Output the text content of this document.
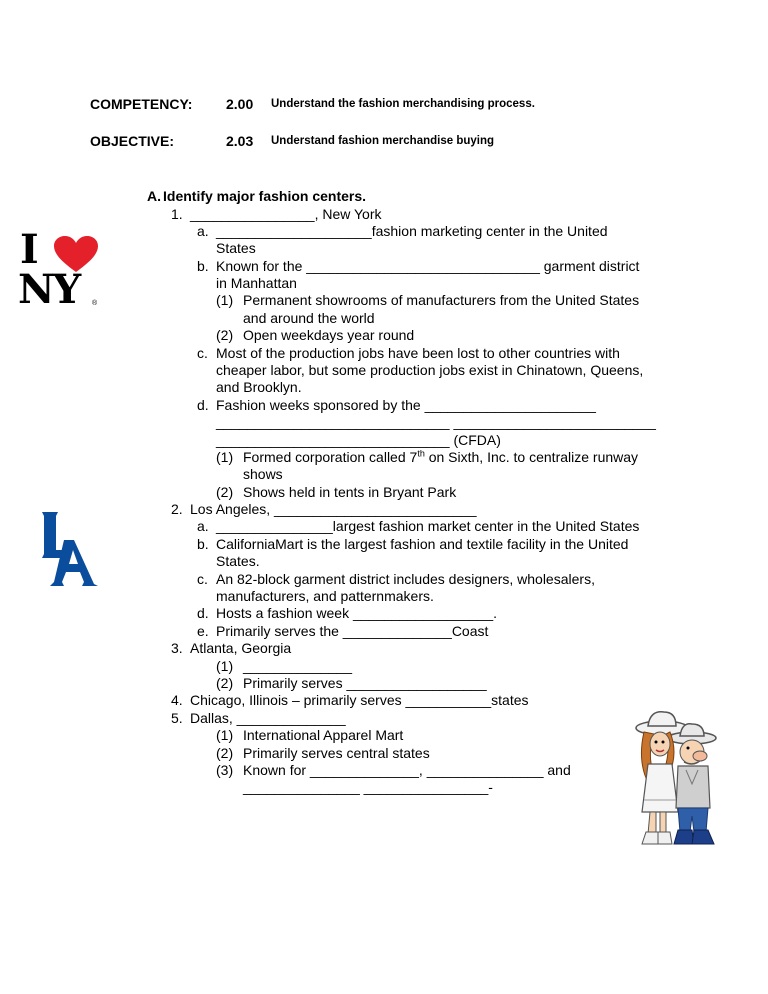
COMPETENCY: 2.00 Understand the fashion merchandising process.
OBJECTIVE:	2.03 Understand fashion merchandise buying
A. Identify major fashion centers.
1. ________________, New York
a. ____________________fashion marketing center in the United
States
b. Known for the ______________________________ garment district
in Manhattan
(1) Permanent showrooms of manufacturers from the United States
and around the world
(2) Open weekdays year round
c. Most of the production jobs have been lost to other countries with
cheaper labor, but some production jobs exist in Chinatown, Queens,
and Brooklyn.
d. Fashion weeks sponsored by the ______________________
______________________________ __________________________
______________________________ (CFDA)
(1) Formed corporation called 7th on Sixth, Inc. to centralize runway
shows
(2) Shows held in tents in Bryant Park
2. Los Angeles, __________________________
a. _______________largest fashion market center in the United States
b. CaliforniaMart is the largest fashion and textile facility in the United
States.
c. An 82-block garment district includes designers, wholesalers,
manufacturers, and patternmakers.
d. Hosts a fashion week __________________.
e. Primarily serves the ______________Coast
3. Atlanta, Georgia
(1) ______________
(2) Primarily serves __________________
4. Chicago, Illinois – primarily serves ___________states
5. Dallas, ______________
(1) International Apparel Mart
(2) Primarily serves central states
(3) Known for ______________, _______________ and
_______________ ________________-
I
NY ®
